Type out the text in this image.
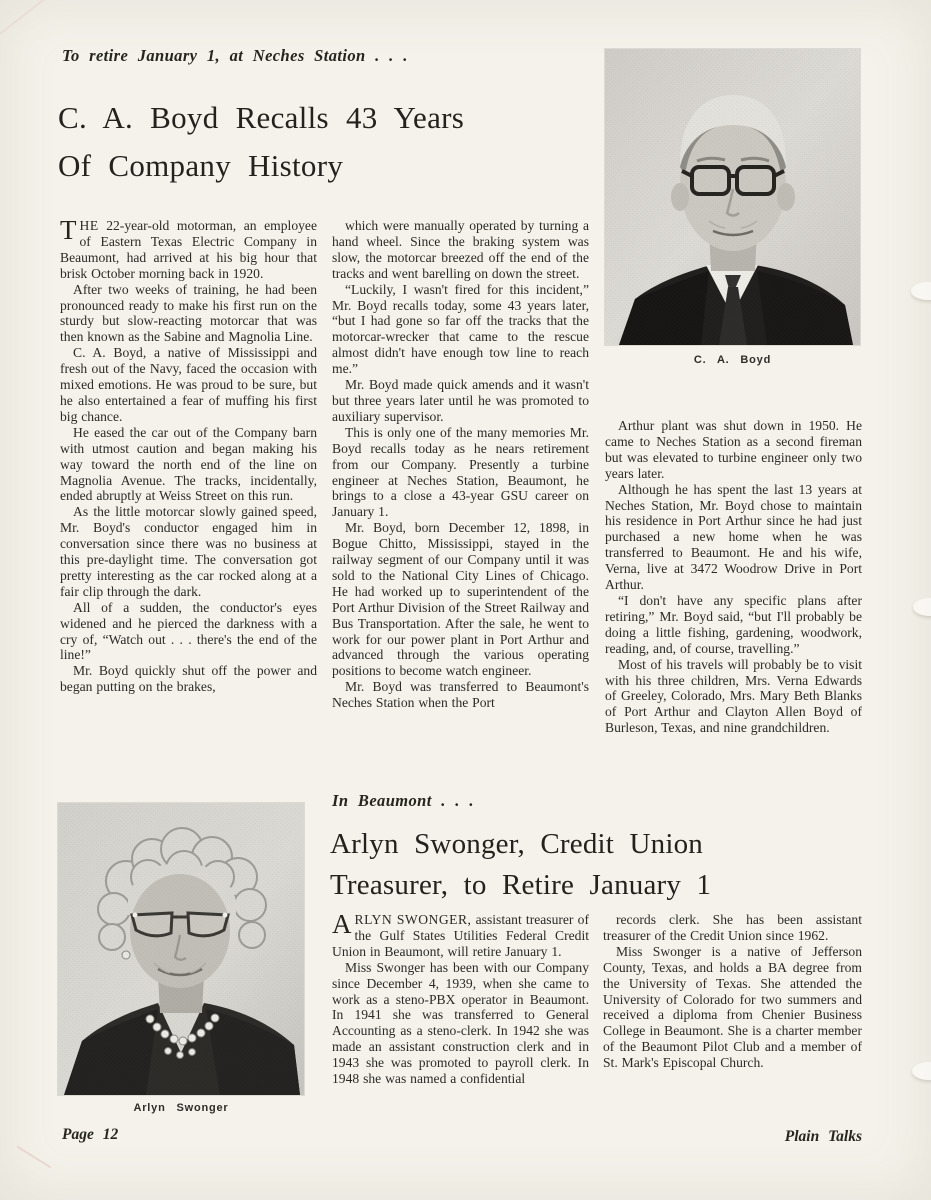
To retire January 1, at Neches Station . . .
C. A. Boyd Recalls 43 Years
Of Company History

THE 22-year-old motorman, an employee of Eastern Texas Electric Company in Beaumont, had arrived at his big hour that brisk October morning back in 1920.

After two weeks of training, he had been pronounced ready to make his first run on the sturdy but slow-reacting motorcar that was then known as the Sabine and Magnolia Line.

C. A. Boyd, a native of Mississippi and fresh out of the Navy, faced the occasion with mixed emotions. He was proud to be sure, but he also entertained a fear of muffing his first big chance.

He eased the car out of the Company barn with utmost caution and began making his way toward the north end of the line on Magnolia Avenue. The tracks, incidentally, ended abruptly at Weiss Street on this run.

As the little motorcar slowly gained speed, Mr. Boyd's conductor engaged him in conversation since there was no business at this pre-daylight time. The conversation got pretty interesting as the car rocked along at a fair clip through the dark.

All of a sudden, the conductor's eyes widened and he pierced the darkness with a cry of, “Watch out . . . there's the end of the line!”

Mr. Boyd quickly shut off the power and began putting on the brakes,

which were manually operated by turning a hand wheel. Since the braking system was slow, the motorcar breezed off the end of the tracks and went barelling on down the street.

“Luckily, I wasn't fired for this incident,” Mr. Boyd recalls today, some 43 years later, “but I had gone so far off the tracks that the motorcar-wrecker that came to the rescue almost didn't have enough tow line to reach me.”

Mr. Boyd made quick amends and it wasn't but three years later until he was promoted to auxiliary supervisor.

This is only one of the many memories Mr. Boyd recalls today as he nears retirement from our Company. Presently a turbine engineer at Neches Station, Beaumont, he brings to a close a 43-year GSU career on January 1.

Mr. Boyd, born December 12, 1898, in Bogue Chitto, Mississippi, stayed in the railway segment of our Company until it was sold to the National City Lines of Chicago. He had worked up to superintendent of the Port Arthur Division of the Street Railway and Bus Transportation. After the sale, he went to work for our power plant in Port Arthur and advanced through the various operating positions to become watch engineer.

Mr. Boyd was transferred to Beaumont's Neches Station when the Port

C. A. Boyd

Arthur plant was shut down in 1950. He came to Neches Station as a second fireman but was elevated to turbine engineer only two years later.

Although he has spent the last 13 years at Neches Station, Mr. Boyd chose to maintain his residence in Port Arthur since he had just purchased a new home when he was transferred to Beaumont. He and his wife, Verna, live at 3472 Woodrow Drive in Port Arthur.

“I don't have any specific plans after retiring,” Mr. Boyd said, “but I'll probably be doing a little fishing, gardening, woodwork, reading, and, of course, travelling.”

Most of his travels will probably be to visit with his three children, Mrs. Verna Edwards of Greeley, Colorado, Mrs. Mary Beth Blanks of Port Arthur and Clayton Allen Boyd of Burleson, Texas, and nine grandchildren.

In Beaumont . . .
Arlyn Swonger, Credit Union
Treasurer, to Retire January 1
Arlyn Swonger

ARLYN SWONGER, assistant treasurer of the Gulf States Utilities Federal Credit Union in Beaumont, will retire January 1.

Miss Swonger has been with our Company since December 4, 1939, when she came to work as a steno-PBX operator in Beaumont. In 1941 she was transferred to General Accounting as a steno-clerk. In 1942 she was made an assistant construction clerk and in 1943 she was promoted to payroll clerk. In 1948 she was named a confidential

records clerk. She has been assistant treasurer of the Credit Union since 1962.

Miss Swonger is a native of Jefferson County, Texas, and holds a BA degree from the University of Texas. She attended the University of Colorado for two summers and received a diploma from Chenier Business College in Beaumont. She is a charter member of the Beaumont Pilot Club and a member of St. Mark's Episcopal Church.

Page 12	Plain Talks
